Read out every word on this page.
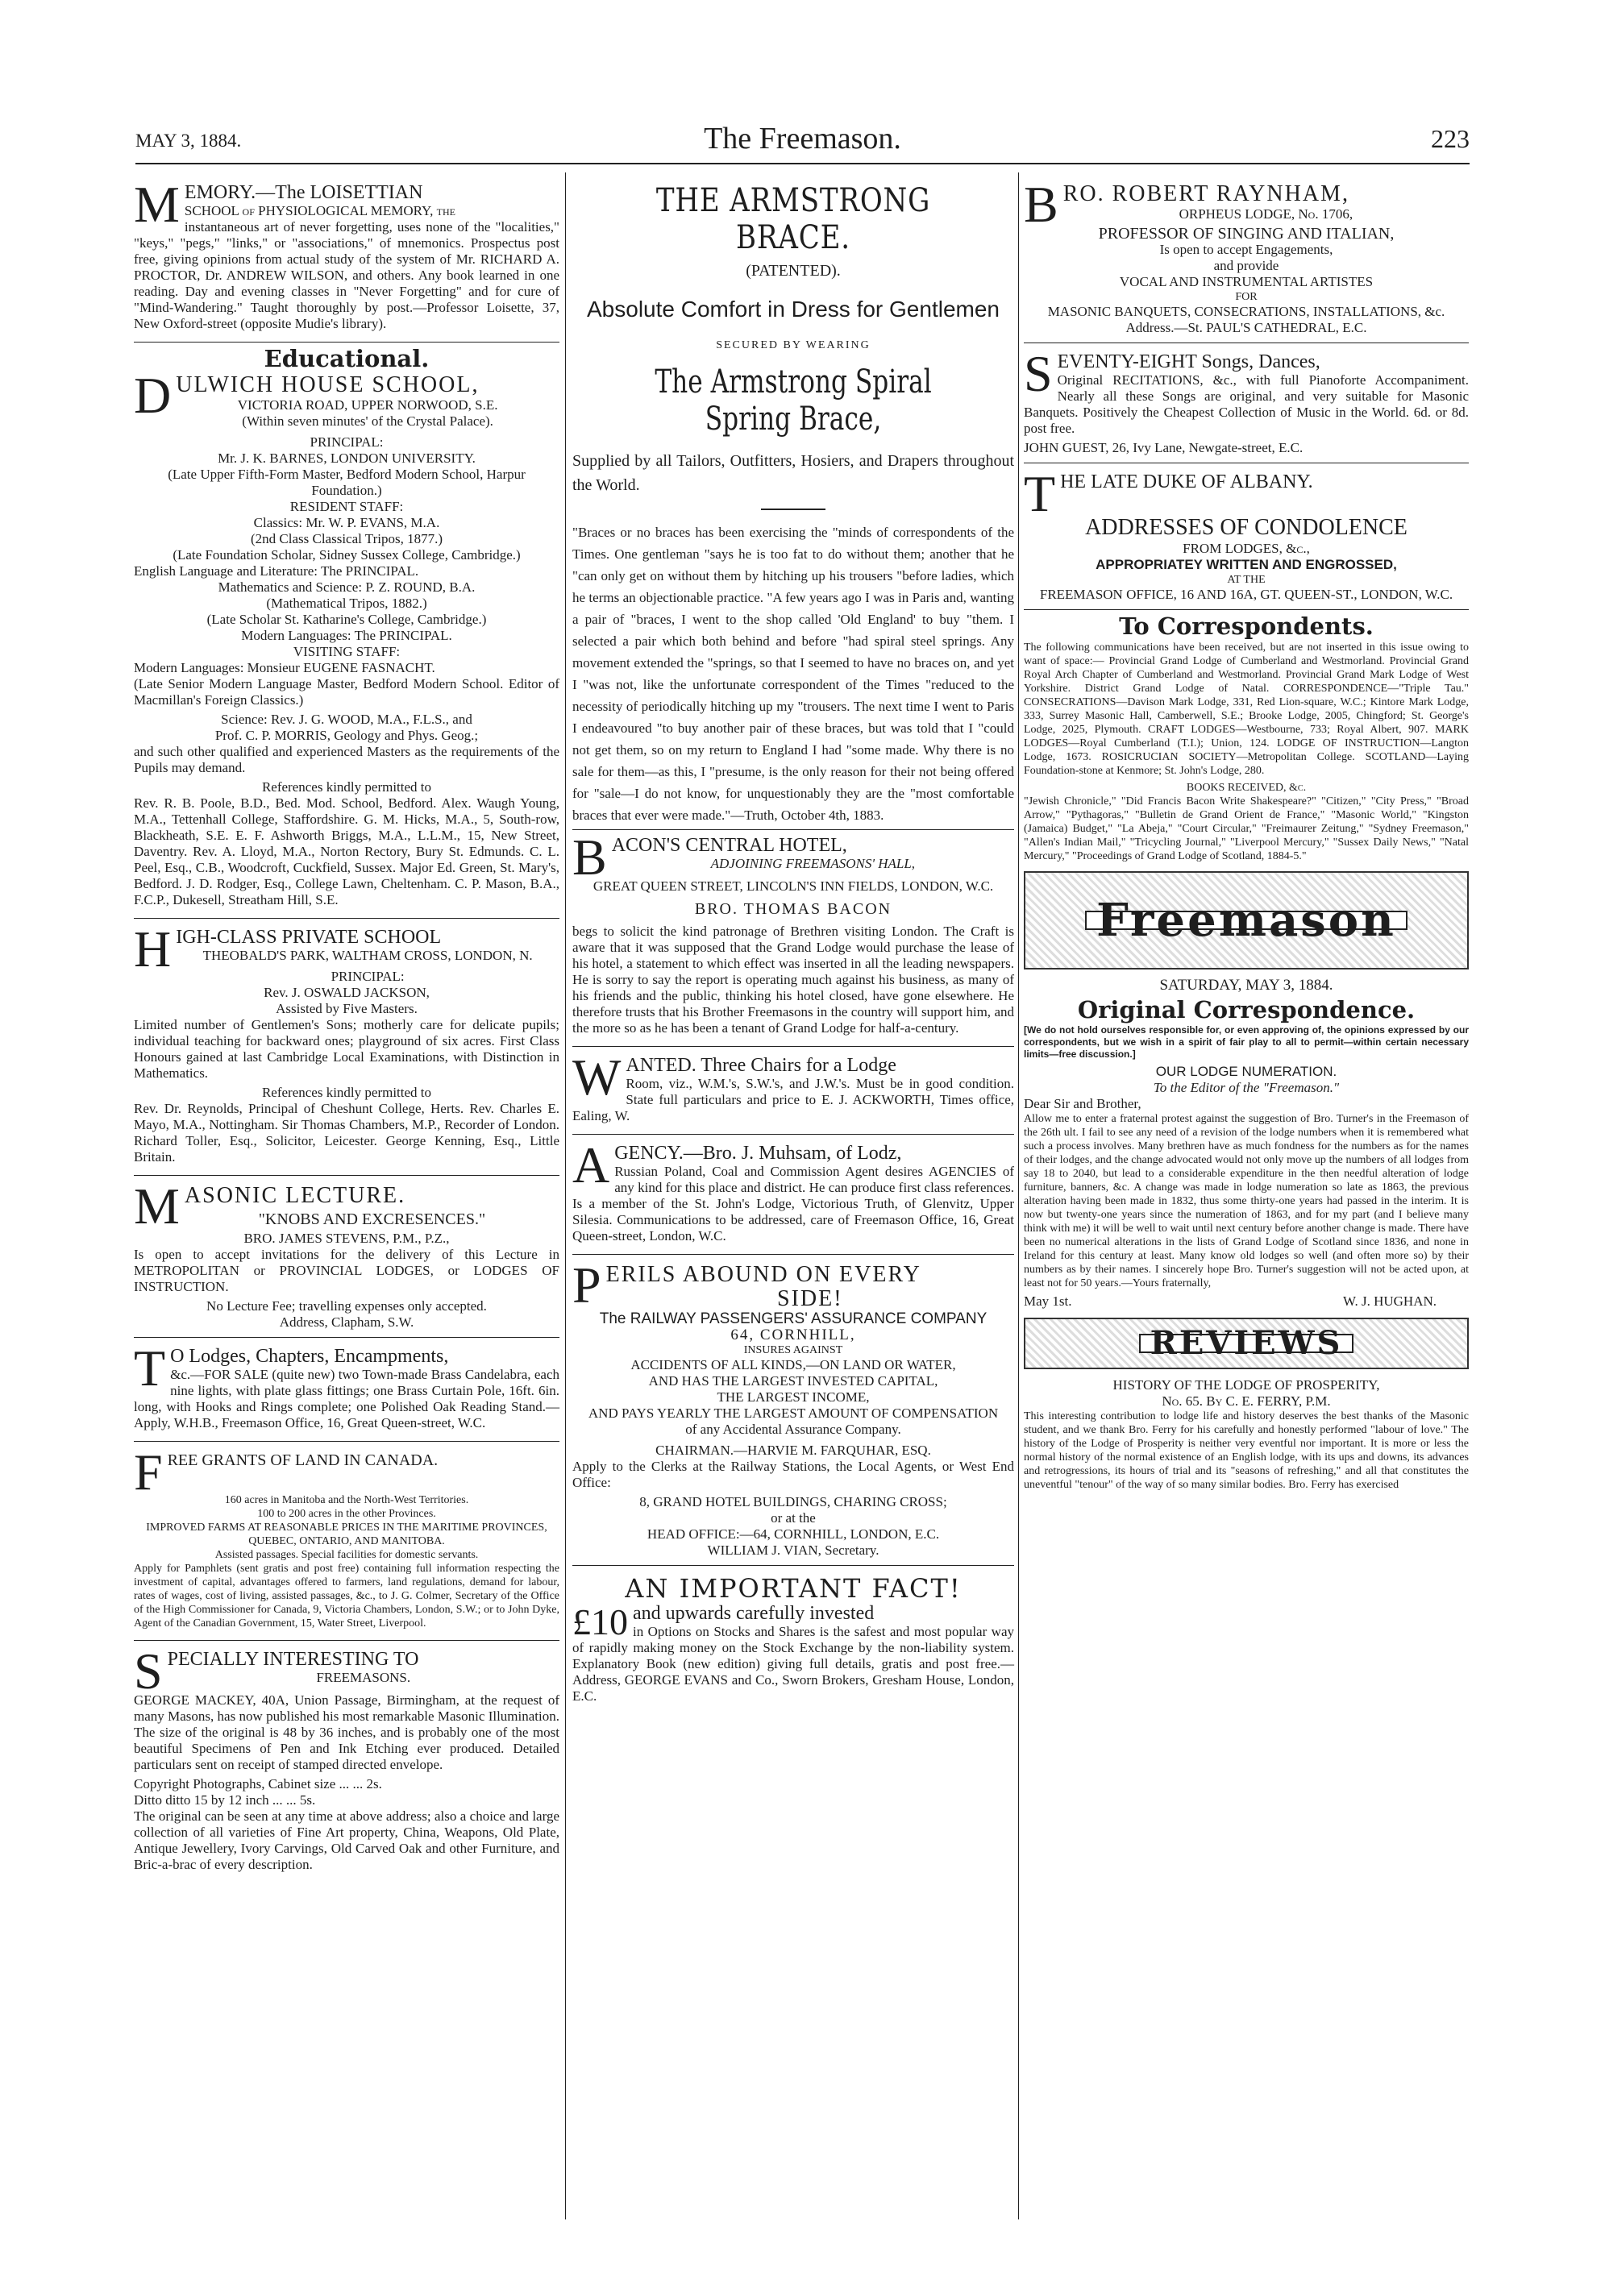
MAY 3, 1884.	The Freemason.	223
M EMORY.—The LOISETTIAN
SCHOOL of PHYSIOLOGICAL MEMORY, the

instantaneous art of never forgetting, uses none of the "localities," "keys," "pegs," "links," or "associations," of mnemonics. Prospectus post free, giving opinions from actual study of the system of Mr. RICHARD A. PROCTOR, Dr. ANDREW WILSON, and others. Any book learned in one reading. Day and evening classes in "Never Forgetting" and for cure of "Mind-Wandering." Taught thoroughly by post.—Professor Loisette, 37, New Oxford-street (opposite Mudie's library).

Educational.
D ULWICH HOUSE SCHOOL,
VICTORIA ROAD, UPPER NORWOOD, S.E.
(Within seven minutes' of the Crystal Palace).
PRINCIPAL:
Mr. J. K. BARNES, LONDON UNIVERSITY.
(Late Upper Fifth-Form Master, Bedford Modern School, Harpur Foundation.)
RESIDENT STAFF:
Classics: Mr. W. P. EVANS, M.A.
(2nd Class Classical Tripos, 1877.)
(Late Foundation Scholar, Sidney Sussex College, Cambridge.)
English Language and Literature: The PRINCIPAL.
Mathematics and Science: P. Z. ROUND, B.A.
(Mathematical Tripos, 1882.)
(Late Scholar St. Katharine's College, Cambridge.)
Modern Languages: The PRINCIPAL.
VISITING STAFF:
Modern Languages: Monsieur EUGENE FASNACHT.

(Late Senior Modern Language Master, Bedford Modern School. Editor of Macmillan's Foreign Classics.)

Science: Rev. J. G. WOOD, M.A., F.L.S., and
Prof. C. P. MORRIS, Geology and Phys. Geog.;

and such other qualified and experienced Masters as the requirements of the Pupils may demand.

References kindly permitted to

Rev. R. B. Poole, B.D., Bed. Mod. School, Bedford. Alex. Waugh Young, M.A., Tettenhall College, Staffordshire. G. M. Hicks, M.A., 5, South-row, Blackheath, S.E. E. F. Ashworth Briggs, M.A., L.L.M., 15, New Street, Daventry. Rev. A. Lloyd, M.A., Norton Rectory, Bury St. Edmunds. C. L. Peel, Esq., C.B., Woodcroft, Cuckfield, Sussex. Major Ed. Green, St. Mary's, Bedford. J. D. Rodger, Esq., College Lawn, Cheltenham. C. P. Mason, B.A., F.C.P., Dukesell, Streatham Hill, S.E.

H IGH-CLASS PRIVATE SCHOOL
THEOBALD'S PARK, WALTHAM CROSS, LONDON, N.
PRINCIPAL:
Rev. J. OSWALD JACKSON,
Assisted by Five Masters.

Limited number of Gentlemen's Sons; motherly care for delicate pupils; individual teaching for backward ones; playground of six acres. First Class Honours gained at last Cambridge Local Examinations, with Distinction in Mathematics.

References kindly permitted to

Rev. Dr. Reynolds, Principal of Cheshunt College, Herts. Rev. Charles E. Mayo, M.A., Nottingham. Sir Thomas Chambers, M.P., Recorder of London. Richard Toller, Esq., Solicitor, Leicester. George Kenning, Esq., Little Britain.

M ASONIC LECTURE.
"KNOBS AND EXCRESENCES."
BRO. JAMES STEVENS, P.M., P.Z.,

Is open to accept invitations for the delivery of this Lecture in METROPOLITAN or PROVINCIAL LODGES, or LODGES OF INSTRUCTION.

No Lecture Fee; travelling expenses only accepted.
Address, Clapham, S.W.
T O Lodges, Chapters, Encampments,

&c.—FOR SALE (quite new) two Town-made Brass Candelabra, each nine lights, with plate glass fittings; one Brass Curtain Pole, 16ft. 6in. long, with Hooks and Rings complete; one Polished Oak Reading Stand.—Apply, W.H.B., Freemason Office, 16, Great Queen-street, W.C.

F REE GRANTS OF LAND IN CANADA.
160 acres in Manitoba and the North-West Territories.
100 to 200 acres in the other Provinces.
IMPROVED FARMS AT REASONABLE PRICES IN THE MARITIME PROVINCES, QUEBEC, ONTARIO, AND MANITOBA.
Assisted passages. Special facilities for domestic servants.

Apply for Pamphlets (sent gratis and post free) containing full information respecting the investment of capital, advantages offered to farmers, land regulations, demand for labour, rates of wages, cost of living, assisted passages, &c., to J. G. Colmer, Secretary of the Office of the High Commissioner for Canada, 9, Victoria Chambers, London, S.W.; or to John Dyke, Agent of the Canadian Government, 15, Water Street, Liverpool.

S PECIALLY INTERESTING TO
FREEMASONS.

GEORGE MACKEY, 40A, Union Passage, Birmingham, at the request of many Masons, has now published his most remarkable Masonic Illumination. The size of the original is 48 by 36 inches, and is probably one of the most beautiful Specimens of Pen and Ink Etching ever produced. Detailed particulars sent on receipt of stamped directed envelope.

Copyright Photographs, Cabinet size ... ... 2s.
Ditto ditto 15 by 12 inch ... ... 5s.

The original can be seen at any time at above address; also a choice and large collection of all varieties of Fine Art property, China, Weapons, Old Plate, Antique Jewellery, Ivory Carvings, Old Carved Oak and other Furniture, and Bric-a-brac of every description.

THE ARMSTRONG BRACE.
(PATENTED).
Absolute Comfort in Dress for Gentlemen
SECURED BY WEARING
The Armstrong Spiral Spring Brace,

Supplied by all Tailors, Outfitters, Hosiers, and Drapers throughout the World.

"Braces or no braces has been exercising the "minds of correspondents of the Times. One gentleman "says he is too fat to do without them; another that he "can only get on without them by hitching up his trousers "before ladies, which he terms an objectionable practice. "A few years ago I was in Paris and, wanting a pair of "braces, I went to the shop called 'Old England' to buy "them. I selected a pair which both behind and before "had spiral steel springs. Any movement extended the "springs, so that I seemed to have no braces on, and yet I "was not, like the unfortunate correspondent of the Times "reduced to the necessity of periodically hitching up my "trousers. The next time I went to Paris I endeavoured "to buy another pair of these braces, but was told that I "could not get them, so on my return to England I had "some made. Why there is no sale for them—as this, I "presume, is the only reason for their not being offered for "sale—I do not know, for unquestionably they are the "most comfortable braces that ever were made."—Truth, October 4th, 1883.

B ACON'S CENTRAL HOTEL,
ADJOINING FREEMASONS' HALL,
GREAT QUEEN STREET, LINCOLN'S INN FIELDS, LONDON, W.C.
BRO. THOMAS BACON

begs to solicit the kind patronage of Brethren visiting London. The Craft is aware that it was supposed that the Grand Lodge would purchase the lease of his hotel, a statement to which effect was inserted in all the leading newspapers. He is sorry to say the report is operating much against his business, as many of his friends and the public, thinking his hotel closed, have gone elsewhere. He therefore trusts that his Brother Freemasons in the country will support him, and the more so as he has been a tenant of Grand Lodge for half-a-century.

W ANTED. Three Chairs for a Lodge

Room, viz., W.M.'s, S.W.'s, and J.W.'s. Must be in good condition. State full particulars and price to E. J. ACKWORTH, Times office, Ealing, W.

A GENCY.—Bro. J. Muhsam, of Lodz,

Russian Poland, Coal and Commission Agent desires AGENCIES of any kind for this place and district. He can produce first class references. Is a member of the St. John's Lodge, Victorious Truth, of Glenvitz, Upper Silesia. Communications to be addressed, care of Freemason Office, 16, Great Queen-street, London, W.C.

P ERILS ABOUND ON EVERY
SIDE!
The RAILWAY PASSENGERS' ASSURANCE COMPANY
64, CORNHILL,
INSURES AGAINST
ACCIDENTS OF ALL KINDS,—ON LAND OR WATER,
AND HAS THE LARGEST INVESTED CAPITAL,
THE LARGEST INCOME,
AND PAYS YEARLY THE LARGEST AMOUNT OF COMPENSATION
of any Accidental Assurance Company.
CHAIRMAN.—HARVIE M. FARQUHAR, ESQ.

Apply to the Clerks at the Railway Stations, the Local Agents, or West End Office:

8, GRAND HOTEL BUILDINGS, CHARING CROSS;
or at the
HEAD OFFICE:—64, CORNHILL, LONDON, E.C.
WILLIAM J. VIAN, Secretary.
AN IMPORTANT FACT!
£10 and upwards carefully invested

in Options on Stocks and Shares is the safest and most popular way of rapidly making money on the Stock Exchange by the non-liability system. Explanatory Book (new edition) giving full details, gratis and post free.—Address, GEORGE EVANS and Co., Sworn Brokers, Gresham House, London, E.C.

B RO. ROBERT RAYNHAM,
ORPHEUS LODGE, No. 1706,
PROFESSOR OF SINGING AND ITALIAN,
Is open to accept Engagements,
and provide
VOCAL AND INSTRUMENTAL ARTISTES
FOR
MASONIC BANQUETS, CONSECRATIONS, INSTALLATIONS, &c.
Address.—St. PAUL'S CATHEDRAL, E.C.
S EVENTY-EIGHT Songs, Dances,

Original RECITATIONS, &c., with full Pianoforte Accompaniment. Nearly all these Songs are original, and very suitable for Masonic Banquets. Positively the Cheapest Collection of Music in the World. 6d. or 8d. post free.

JOHN GUEST, 26, Ivy Lane, Newgate-street, E.C.
T HE LATE DUKE OF ALBANY.
ADDRESSES OF CONDOLENCE
FROM LODGES, &c.,
APPROPRIATEY WRITTEN AND ENGROSSED,
AT THE
FREEMASON OFFICE, 16 AND 16A, GT. QUEEN-ST., LONDON, W.C.
To Correspondents.

The following communications have been received, but are not inserted in this issue owing to want of space:— Provincial Grand Lodge of Cumberland and Westmorland. Provincial Grand Royal Arch Chapter of Cumberland and Westmorland. Provincial Grand Mark Lodge of West Yorkshire. District Grand Lodge of Natal. CORRESPONDENCE—"Triple Tau." CONSECRATIONS—Davison Mark Lodge, 331, Red Lion-square, W.C.; Kintore Mark Lodge, 333, Surrey Masonic Hall, Camberwell, S.E.; Brooke Lodge, 2005, Chingford; St. George's Lodge, 2025, Plymouth. CRAFT LODGES—Westbourne, 733; Royal Albert, 907. MARK LODGES—Royal Cumberland (T.I.); Union, 124. LODGE OF INSTRUCTION—Langton Lodge, 1673. ROSICRUCIAN SOCIETY—Metropolitan College. SCOTLAND—Laying Foundation-stone at Kenmore; St. John's Lodge, 280.

BOOKS RECEIVED, &c.

"Jewish Chronicle," "Did Francis Bacon Write Shakespeare?" "Citizen," "City Press," "Broad Arrow," "Pythagoras," "Bulletin de Grand Orient de France," "Masonic World," "Kingston (Jamaica) Budget," "La Abeja," "Court Circular," "Freimaurer Zeitung," "Sydney Freemason," "Allen's Indian Mail," "Tricycling Journal," "Liverpool Mercury," "Sussex Daily News," "Natal Mercury," "Proceedings of Grand Lodge of Scotland, 1884-5."

Freemason
SATURDAY, MAY 3, 1884.
Original Correspondence.

[We do not hold ourselves responsible for, or even approving of, the opinions expressed by our correspondents, but we wish in a spirit of fair play to all to permit—within certain necessary limits—free discussion.]

OUR LODGE NUMERATION.
To the Editor of the "Freemason."
Dear Sir and Brother,

Allow me to enter a fraternal protest against the suggestion of Bro. Turner's in the Freemason of the 26th ult. I fail to see any need of a revision of the lodge numbers when it is remembered what such a process involves. Many brethren have as much fondness for the numbers as for the names of their lodges, and the change advocated would not only move up the numbers of all lodges from say 18 to 2040, but lead to a considerable expenditure in the then needful alteration of lodge furniture, banners, &c. A change was made in lodge numeration so late as 1863, the previous alteration having been made in 1832, thus some thirty-one years had passed in the interim. It is now but twenty-one years since the numeration of 1863, and for my part (and I believe many think with me) it will be well to wait until next century before another change is made. There have been no numerical alterations in the lists of Grand Lodge of Scotland since 1836, and none in Ireland for this century at least. Many know old lodges so well (and often more so) by their numbers as by their names. I sincerely hope Bro. Turner's suggestion will not be acted upon, at least not for 50 years.—Yours fraternally,

May 1st.	W. J. HUGHAN.
REVIEWS
HISTORY OF THE LODGE OF PROSPERITY,
No. 65. By C. E. FERRY, P.M.

This interesting contribution to lodge life and history deserves the best thanks of the Masonic student, and we thank Bro. Ferry for his carefully and honestly performed "labour of love." The history of the Lodge of Prosperity is neither very eventful nor important. It is more or less the normal history of the normal existence of an English lodge, with its ups and downs, its advances and retrogressions, its hours of trial and its "seasons of refreshing," and all that constitutes the uneventful "tenour" of the way of so many similar bodies. Bro. Ferry has exercised
